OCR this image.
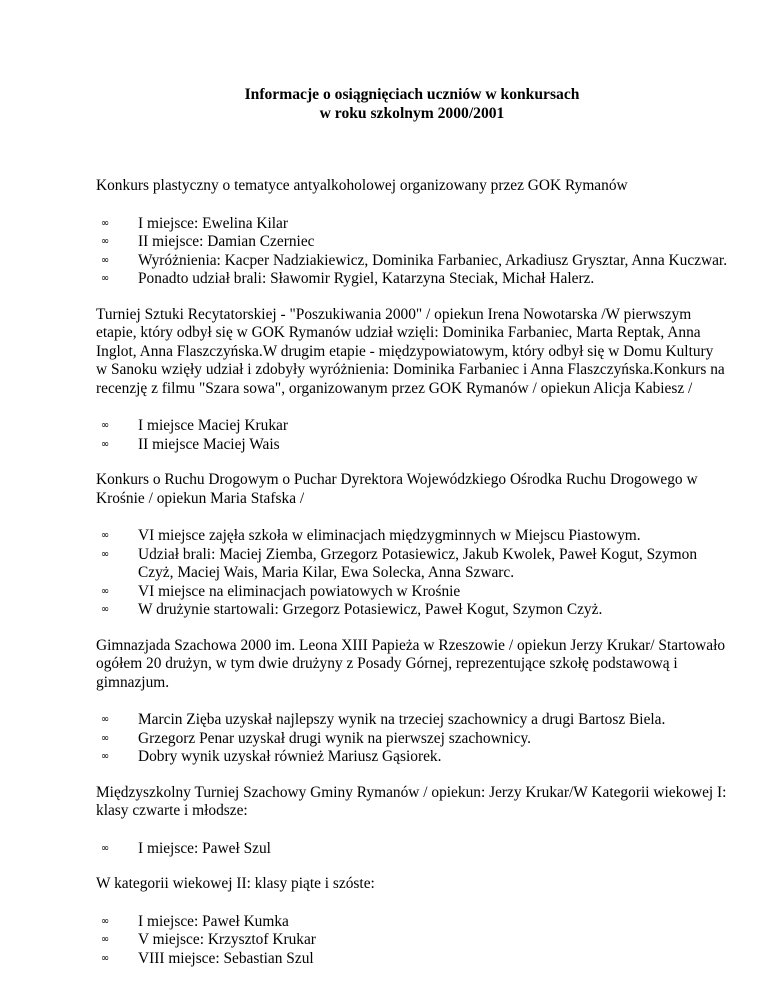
Informacje o osiągnięciach uczniów w konkursach
w roku szkolnym 2000/2001

Konkurs plastyczny o tematyce antyalkoholowej organizowany przez GOK Rymanów

∞	I miejsce: Ewelina Kilar
∞	II miejsce: Damian Czerniec
∞	Wyróżnienia: Kacper Nadziakiewicz, Dominika Farbaniec, Arkadiusz Grysztar, Anna Kuczwar.
∞	Ponadto udział brali: Sławomir Rygiel, Katarzyna Steciak, Michał Halerz.

Turniej Sztuki Recytatorskiej - "Poszukiwania 2000" / opiekun Irena Nowotarska /W pierwszym etapie, który odbył się w GOK Rymanów udział wzięli: Dominika Farbaniec, Marta Reptak, Anna Inglot, Anna Flaszczyńska.W drugim etapie - międzypowiatowym, który odbył się w Domu Kultury w Sanoku wzięły udział i zdobyły wyróżnienia: Dominika Farbaniec i Anna Flaszczyńska.Konkurs na recenzję z filmu "Szara sowa", organizowanym przez GOK Rymanów / opiekun Alicja Kabiesz /

∞	I miejsce Maciej Krukar
∞	II miejsce Maciej Wais

Konkurs o Ruchu Drogowym o Puchar Dyrektora Wojewódzkiego Ośrodka Ruchu Drogowego w Krośnie / opiekun Maria Stafska /

∞	VI miejsce zajęła szkoła w eliminacjach międzygminnych w Miejscu Piastowym.
∞	Udział brali: Maciej Ziemba, Grzegorz Potasiewicz, Jakub Kwolek, Paweł Kogut, Szymon Czyż, Maciej Wais, Maria Kilar, Ewa Solecka, Anna Szwarc.
∞	VI miejsce na eliminacjach powiatowych w Krośnie
∞	W drużynie startowali: Grzegorz Potasiewicz, Paweł Kogut, Szymon Czyż.

Gimnazjada Szachowa 2000 im. Leona XIII Papieża w Rzeszowie / opiekun Jerzy Krukar/ Startowało ogółem 20 drużyn, w tym dwie drużyny z Posady Górnej, reprezentujące szkołę podstawową i gimnazjum.

∞	Marcin Zięba uzyskał najlepszy wynik na trzeciej szachownicy a drugi Bartosz Biela.
∞	Grzegorz Penar uzyskał drugi wynik na pierwszej szachownicy.
∞	Dobry wynik uzyskał również Mariusz Gąsiorek.

Międzyszkolny Turniej Szachowy Gminy Rymanów / opiekun: Jerzy Krukar/W Kategorii wiekowej I: klasy czwarte i młodsze:

∞	I miejsce: Paweł Szul

W kategorii wiekowej II: klasy piąte i szóste:

∞	I miejsce: Paweł Kumka
∞	V miejsce: Krzysztof Krukar
∞	VIII miejsce: Sebastian Szul
